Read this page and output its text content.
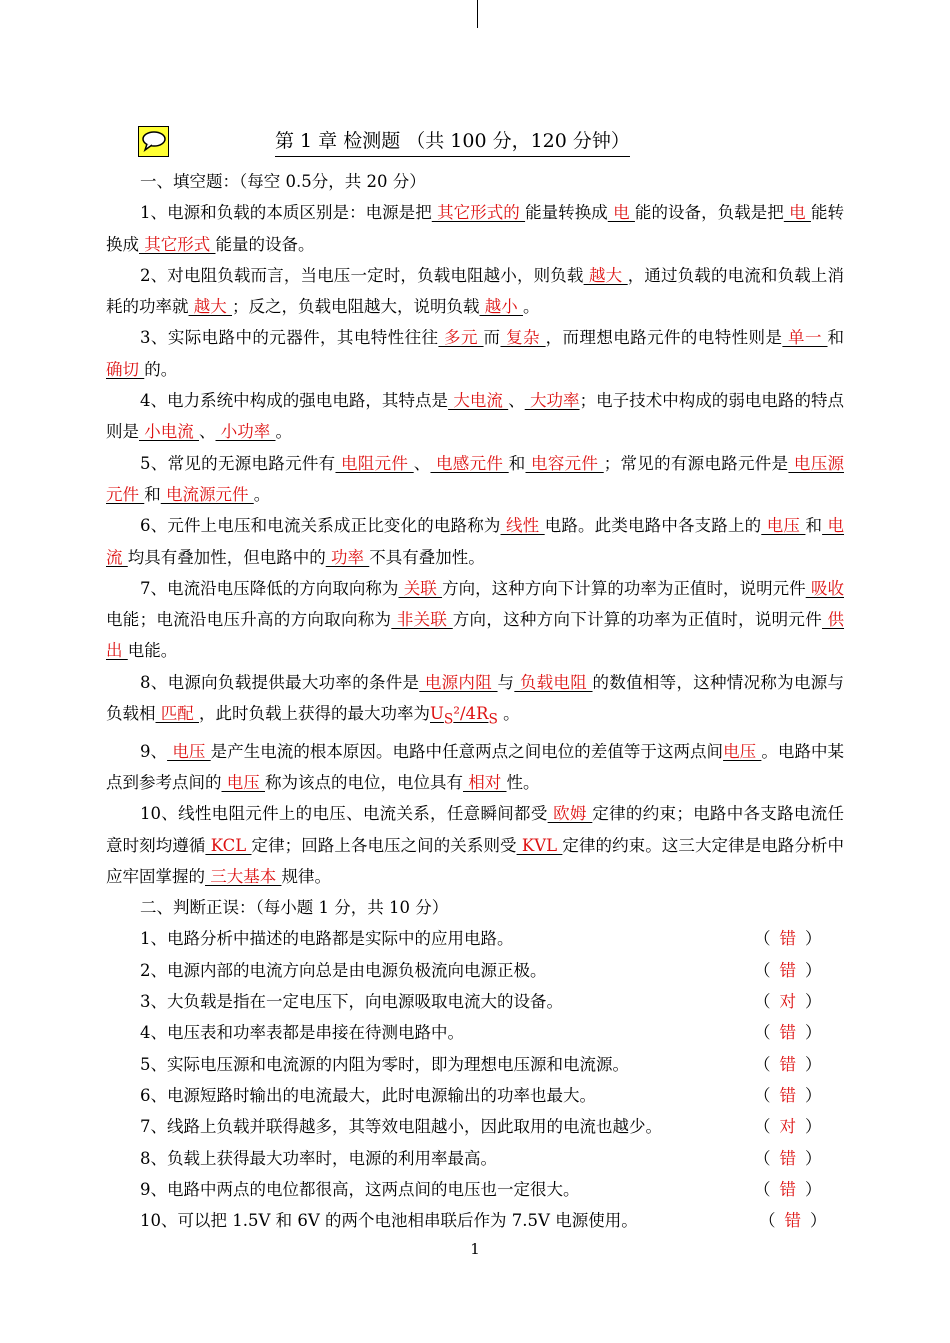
第 1 章 检测题 （共 100 分，120 分钟）

一、填空题：（每空 0.5分，共 20 分）

1、电源和负载的本质区别是：电源是把 其它形式的 能量转换成 电 能的设备，负载是把 电 能转换成 其它形式 能量的设备。

2、对电阻负载而言，当电压一定时，负载电阻越小，则负载 越大 ，通过负载的电流和负载上消耗的功率就 越大 ；反之，负载电阻越大，说明负载 越小 。

3、实际电路中的元器件，其电特性往往 多元 而 复杂 ，而理想电路元件的电特性则是 单一 和 确切 的。

4、电力系统中构成的强电电路，其特点是 大电流 、 大功率；电子技术中构成的弱电电路的特点则是 小电流 、 小功率 。

5、常见的无源电路元件有 电阻元件 、 电感元件 和 电容元件 ；常见的有源电路元件是 电压源元件 和 电流源元件 。

6、元件上电压和电流关系成正比变化的电路称为 线性 电路。此类电路中各支路上的 电压 和 电流 均具有叠加性，但电路中的 功率 不具有叠加性。

7、电流沿电压降低的方向取向称为 关联 方向，这种方向下计算的功率为正值时，说明元件 吸收 电能；电流沿电压升高的方向取向称为 非关联 方向，这种方向下计算的功率为正值时，说明元件 供出 电能。

8、电源向负载提供最大功率的条件是 电源内阻 与 负载电阻 的数值相等，这种情况称为电源与负载相 匹配 ，此时负载上获得的最大功率为$U_S^2/4R_S$ 。

9、 电压 是产生电流的根本原因。电路中任意两点之间电位的差值等于这两点间电压 。电路中某点到参考点间的 电压 称为该点的电位，电位具有 相对 性。

10、线性电阻元件上的电压、电流关系，任意瞬间都受 欧姆 定律的约束；电路中各支路电流任意时刻均遵循 KCL 定律；回路上各电压之间的关系则受 KVL 定律的约束。这三大定律是电路分析中应牢固掌握的 三大基本 规律。

二、判断正误：（每小题 1 分，共 10 分）

1、电路分析中描述的电路都是实际中的应用电路。	（ 错 ）
2、电源内部的电流方向总是由电源负极流向电源正极。	（ 错 ）
3、大负载是指在一定电压下，向电源吸取电流大的设备。	（ 对 ）
4、电压表和功率表都是串接在待测电路中。	（ 错 ）
5、实际电压源和电流源的内阻为零时，即为理想电压源和电流源。	（ 错 ）
6、电源短路时输出的电流最大，此时电源输出的功率也最大。	（ 错 ）
7、线路上负载并联得越多，其等效电阻越小，因此取用的电流也越少。	（ 对 ）
8、负载上获得最大功率时，电源的利用率最高。	（ 错 ）
9、电路中两点的电位都很高，这两点间的电压也一定很大。	（ 错 ）
10、可以把 1.5V 和 6V 的两个电池相串联后作为 7.5V 电源使用。	（ 错 ）
1
